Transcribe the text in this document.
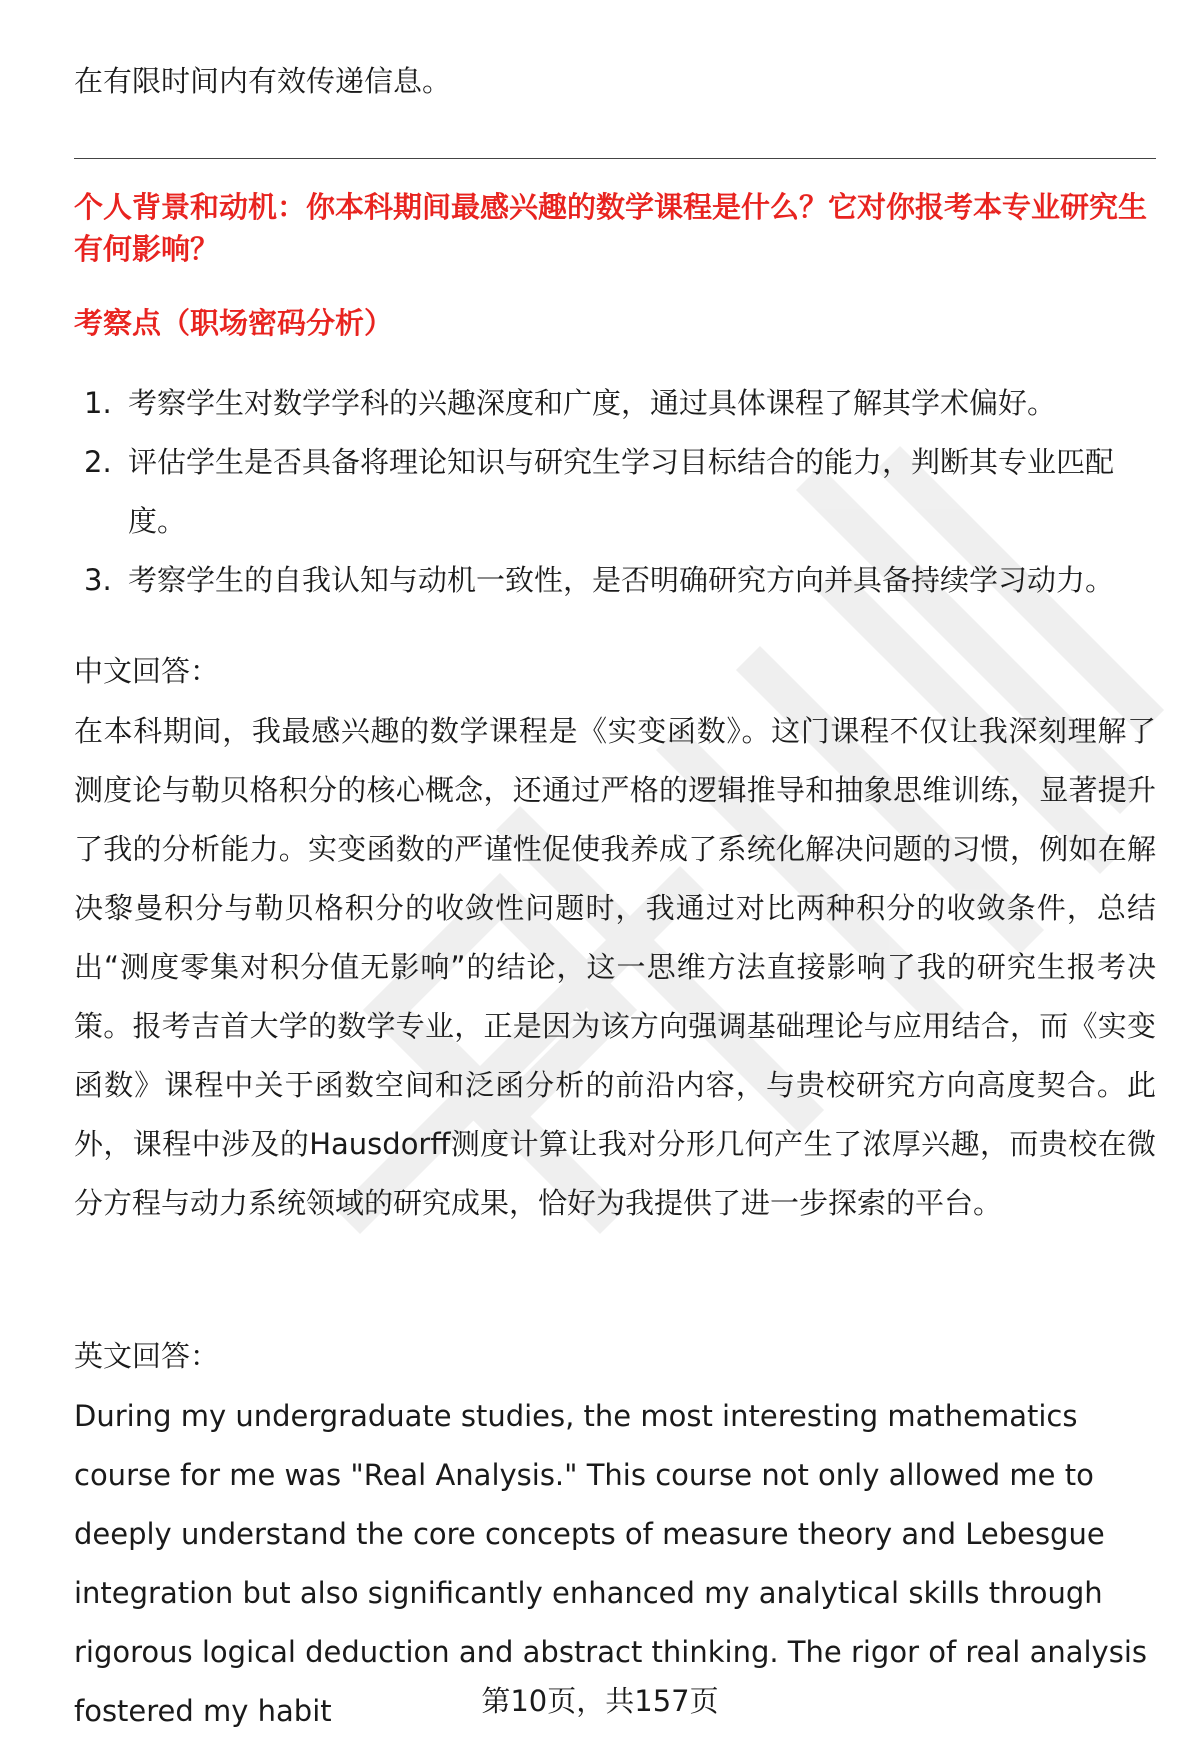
在有限时间内有效传递信息。

个人背景和动机：你本科期间最感兴趣的数学课程是什么？它对你报考本专业研究生有何影响？

考察点（职场密码分析）

1. 考察学生对数学学科的兴趣深度和广度，通过具体课程了解其学术偏好。
2. 评估学生是否具备将理论知识与研究生学习目标结合的能力，判断其专业匹配度。
3. 考察学生的自我认知与动机一致性，是否明确研究方向并具备持续学习动力。

中文回答：

在本科期间，我最感兴趣的数学课程是《实变函数》。这门课程不仅让我深刻理解了测度论与勒贝格积分的核心概念，还通过严格的逻辑推导和抽象思维训练，显著提升了我的分析能力。实变函数的严谨性促使我养成了系统化解决问题的习惯，例如在解决黎曼积分与勒贝格积分的收敛性问题时，我通过对比两种积分的收敛条件，总结出“测度零集对积分值无影响”的结论，这一思维方法直接影响了我的研究生报考决策。报考吉首大学的数学专业，正是因为该方向强调基础理论与应用结合，而《实变函数》课程中关于函数空间和泛函分析的前沿内容，与贵校研究方向高度契合。此外，课程中涉及的Hausdorff测度计算让我对分形几何产生了浓厚兴趣，而贵校在微分方程与动力系统领域的研究成果，恰好为我提供了进一步探索的平台。

英文回答：

During my undergraduate studies, the most interesting mathematics course for me was "Real Analysis." This course not only allowed me to deeply understand the core concepts of measure theory and Lebesgue integration but also significantly enhanced my analytical skills through rigorous logical deduction and abstract thinking. The rigor of real analysis fostered my habit	第10页，共157页
